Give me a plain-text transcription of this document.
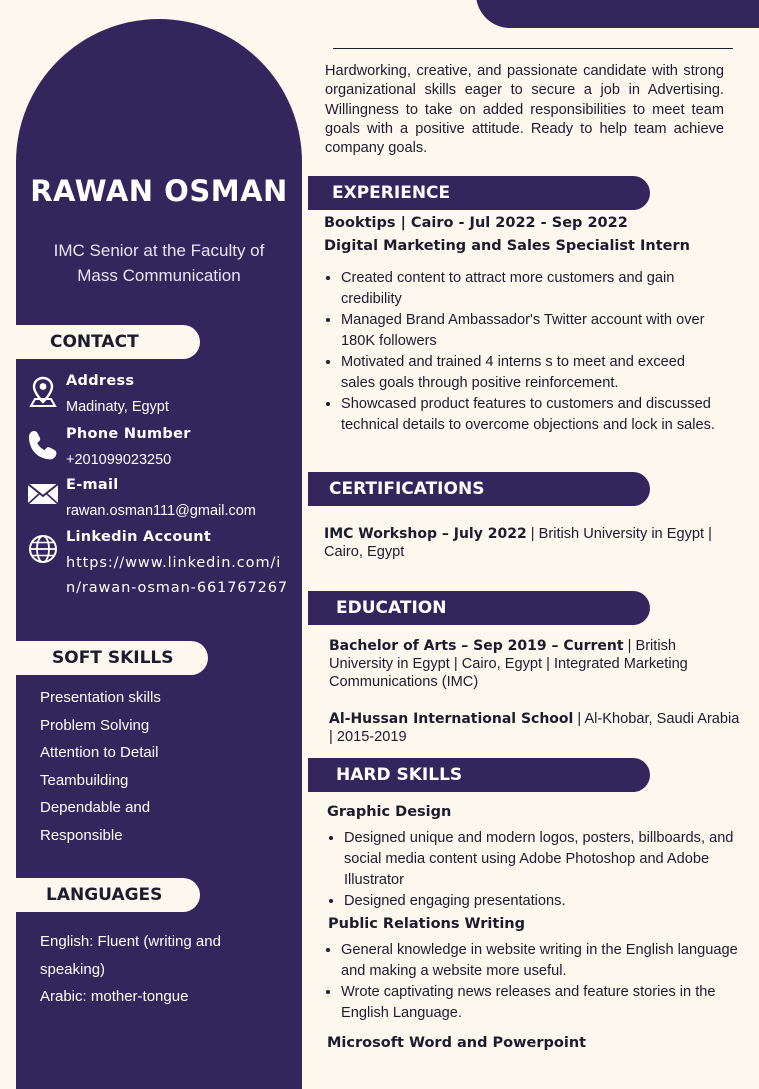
RAWAN OSMAN
IMC Senior at the Faculty of Mass Communication
CONTACT
Address
Madinaty, Egypt
Phone Number
+201099023250
E-mail
rawan.osman111@gmail.com
Linkedin Account
https://www.linkedin.com/in/rawan-osman-661767267
SOFT SKILLS
Presentation skills
Problem Solving
Attention to Detail
Teambuilding
Dependable and
Responsible
LANGUAGES
English: Fluent (writing and
speaking)
Arabic: mother-tongue
Hardworking, creative, and passionate candidate with strong organizational skills eager to secure a job in Advertising. Willingness to take on added responsibilities to meet team goals with a positive attitude. Ready to help team achieve company goals.
EXPERIENCE
Booktips | Cairo - Jul 2022 - Sep 2022
Digital Marketing and Sales Specialist Intern
• Created content to attract more customers and gain credibility
• Managed Brand Ambassador's Twitter account with over 180K followers
• Motivated and trained 4 interns s to meet and exceed sales goals through positive reinforcement.
• Showcased product features to customers and discussed technical details to overcome objections and lock in sales.
CERTIFICATIONS
IMC Workshop – July 2022 | British University in Egypt | Cairo, Egypt
EDUCATION
Bachelor of Arts – Sep 2019 – Current | British University in Egypt | Cairo, Egypt | Integrated Marketing Communications (IMC)
Al-Hussan International School | Al-Khobar, Saudi Arabia | 2015-2019
HARD SKILLS
Graphic Design
• Designed unique and modern logos, posters, billboards, and social media content using Adobe Photoshop and Adobe Illustrator
• Designed engaging presentations.
Public Relations Writing
• General knowledge in website writing in the English language and making a website more useful.
• Wrote captivating news releases and feature stories in the English Language.
Microsoft Word and Powerpoint
